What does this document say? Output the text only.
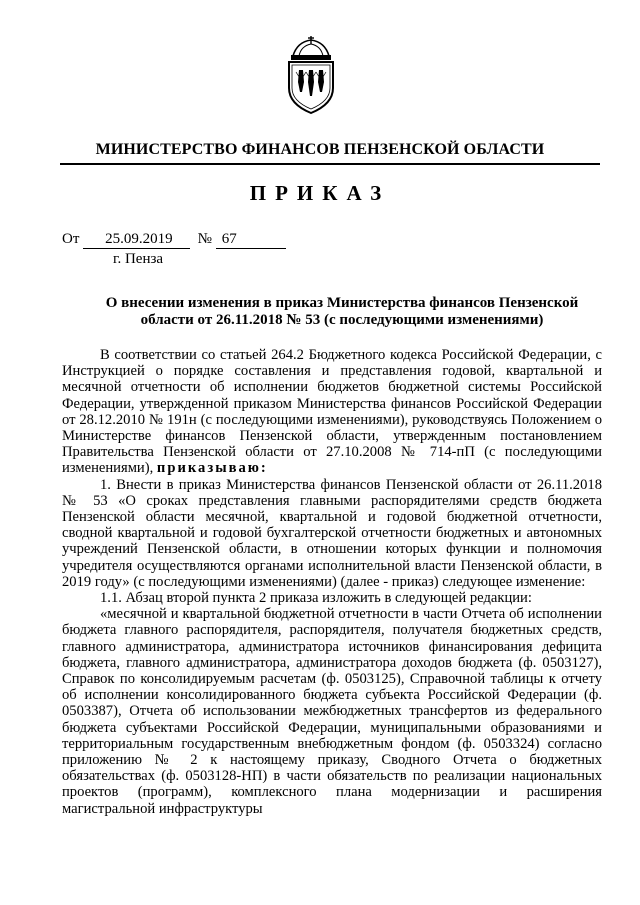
МИНИСТЕРСТВО ФИНАНСОВ ПЕНЗЕНСКОЙ ОБЛАСТИ
ПРИКАЗ
От 25.09.2019 № 67
г. Пенза
О внесении изменения в приказ Министерства финансов Пензенской области от 26.11.2018 № 53 (с последующими изменениями)

В соответствии со статьей 264.2 Бюджетного кодекса Российской Федерации, с Инструкцией о порядке составления и представления годовой, квартальной и месячной отчетности об исполнении бюджетов бюджетной системы Российской Федерации, утвержденной приказом Министерства финансов Российской Федерации от 28.12.2010 № 191н (с последующими изменениями), руководствуясь Положением о Министерстве финансов Пензенской области, утвержденным постановлением Правительства Пензенской области от 27.10.2008 № 714-пП (с последующими изменениями), приказываю:

1. Внести в приказ Министерства финансов Пензенской области от 26.11.2018 № 53 «О сроках представления главными распорядителями средств бюджета Пензенской области месячной, квартальной и годовой бюджетной отчетности, сводной квартальной и годовой бухгалтерской отчетности бюджетных и автономных учреждений Пензенской области, в отношении которых функции и полномочия учредителя осуществляются органами исполнительной власти Пензенской области, в 2019 году» (с последующими изменениями) (далее - приказ) следующее изменение:

1.1. Абзац второй пункта 2 приказа изложить в следующей редакции:

«месячной и квартальной бюджетной отчетности в части Отчета об исполнении бюджета главного распорядителя, распорядителя, получателя бюджетных средств, главного администратора, администратора источников финансирования дефицита бюджета, главного администратора, администратора доходов бюджета (ф. 0503127), Справок по консолидируемым расчетам (ф. 0503125), Справочной таблицы к отчету об исполнении консолидированного бюджета субъекта Российской Федерации (ф. 0503387), Отчета об использовании межбюджетных трансфертов из федерального бюджета субъектами Российской Федерации, муниципальными образованиями и территориальным государственным внебюджетным фондом (ф. 0503324) согласно приложению № 2 к настоящему приказу, Сводного Отчета о бюджетных обязательствах (ф. 0503128-НП) в части обязательств по реализации национальных проектов (программ), комплексного плана модернизации и расширения магистральной инфраструктуры
